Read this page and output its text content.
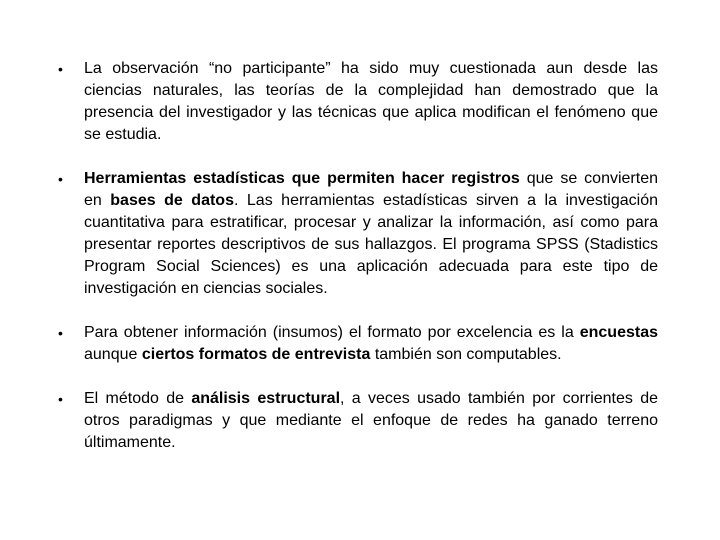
•	La observación “no participante” ha sido muy cuestionada aun desde las ciencias naturales, las teorías de la complejidad han demostrado que la presencia del investigador y las técnicas que aplica modifican el fenómeno que se estudia.
•	Herramientas estadísticas que permiten hacer registros que se convierten en bases de datos. Las herramientas estadísticas sirven a la investigación cuantitativa para estratificar, procesar y analizar la información, así como para presentar reportes descriptivos de sus hallazgos. El programa SPSS (Stadistics Program Social Sciences) es una aplicación adecuada para este tipo de investigación en ciencias sociales.
•	Para obtener información (insumos) el formato por excelencia es la encuestas aunque ciertos formatos de entrevista también son computables.
•	El método de análisis estructural, a veces usado también por corrientes de otros paradigmas y que mediante el enfoque de redes ha ganado terreno últimamente.
